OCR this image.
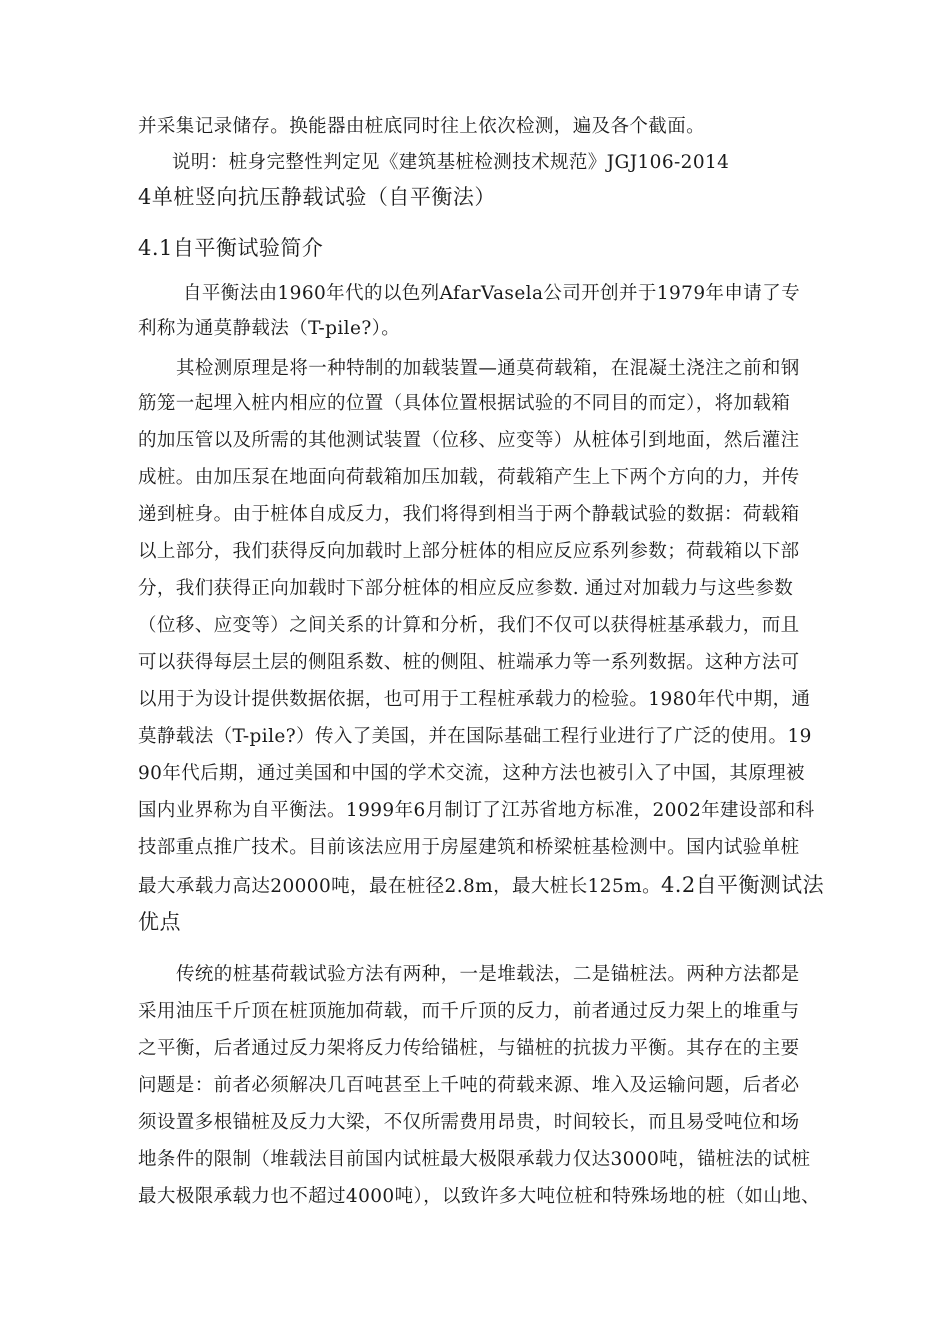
并采集记录储存。换能器由桩底同时往上依次检测，遍及各个截面。
说明：桩身完整性判定见《建筑基桩检测技术规范》JGJ106-2014
4单桩竖向抗压静载试验（自平衡法）
4.1自平衡试验简介
自平衡法由1960年代的以色列AfarVasela公司开创并于1979年申请了专
利称为通莫静载法（T-pile?）。
其检测原理是将一种特制的加载装置—通莫荷载箱，在混凝土浇注之前和钢
筋笼一起埋入桩内相应的位置（具体位置根据试验的不同目的而定），将加载箱
的加压管以及所需的其他测试装置（位移、应变等）从桩体引到地面，然后灌注
成桩。由加压泵在地面向荷载箱加压加载，荷载箱产生上下两个方向的力，并传
递到桩身。由于桩体自成反力，我们将得到相当于两个静载试验的数据：荷载箱
以上部分，我们获得反向加载时上部分桩体的相应反应系列参数；荷载箱以下部
分，我们获得正向加载时下部分桩体的相应反应参数. 通过对加载力与这些参数
（位移、应变等）之间关系的计算和分析，我们不仅可以获得桩基承载力，而且
可以获得每层土层的侧阻系数、桩的侧阻、桩端承力等一系列数据。这种方法可
以用于为设计提供数据依据，也可用于工程桩承载力的检验。1980年代中期，通
莫静载法（T-pile?）传入了美国，并在国际基础工程行业进行了广泛的使用。19
90年代后期，通过美国和中国的学术交流，这种方法也被引入了中国，其原理被
国内业界称为自平衡法。1999年6月制订了江苏省地方标准，2002年建设部和科
技部重点推广技术。目前该法应用于房屋建筑和桥梁桩基检测中。国内试验单桩
最大承载力高达20000吨，最在桩径2.8m，最大桩长125m。4.2自平衡测试法
优点
传统的桩基荷载试验方法有两种，一是堆载法，二是锚桩法。两种方法都是
采用油压千斤顶在桩顶施加荷载，而千斤顶的反力，前者通过反力架上的堆重与
之平衡，后者通过反力架将反力传给锚桩，与锚桩的抗拔力平衡。其存在的主要
问题是：前者必须解决几百吨甚至上千吨的荷载来源、堆入及运输问题，后者必
须设置多根锚桩及反力大梁，不仅所需费用昂贵，时间较长，而且易受吨位和场
地条件的限制（堆载法目前国内试桩最大极限承载力仅达3000吨，锚桩法的试桩
最大极限承载力也不超过4000吨），以致许多大吨位桩和特殊场地的桩（如山地、
